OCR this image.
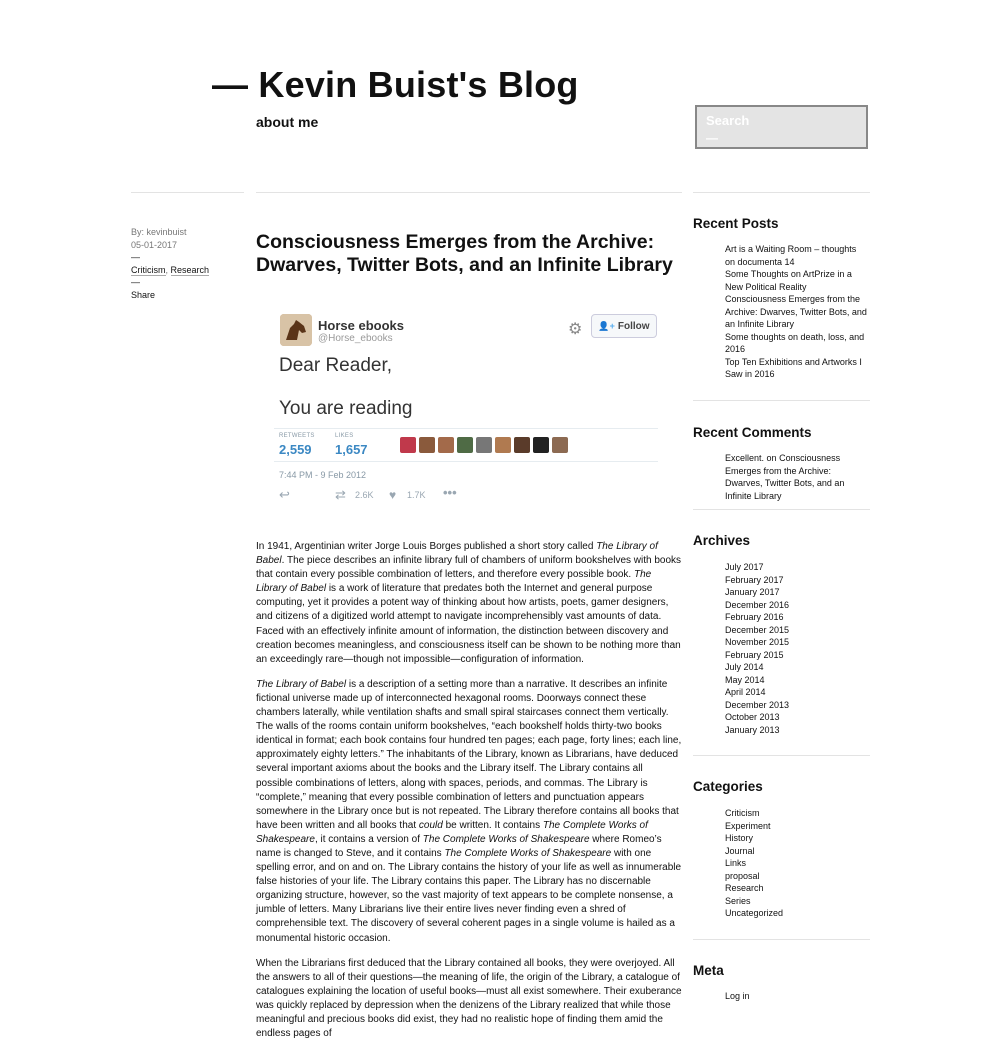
— Kevin Buist's Blog
about me
Search
—
By: kevinbuist
05-01-2017
—
Criticism, Research
—
Share
Consciousness Emerges from the Archive: Dwarves, Twitter Bots, and an Infinite Library
Horse ebooks
@Horse_ebooks
⚙	👤+ Follow
Dear Reader,
You are reading
RETWEETS
2,559
LIKES
1,657
7:44 PM - 9 Feb 2012
↩	⇄ 2.6K ♥ 1.7K •••

In 1941, Argentinian writer Jorge Louis Borges published a short story called The Library of Babel. The piece describes an infinite library full of chambers of uniform bookshelves with books that contain every possible combination of letters, and therefore every possible book. The Library of Babel is a work of literature that predates both the Internet and general purpose computing, yet it provides a potent way of thinking about how artists, poets, gamer designers, and citizens of a digitized world attempt to navigate incomprehensibly vast amounts of data. Faced with an effectively infinite amount of information, the distinction between discovery and creation becomes meaningless, and consciousness itself can be shown to be nothing more than an exceedingly rare—though not impossible—configuration of information.

The Library of Babel is a description of a setting more than a narrative. It describes an infinite fictional universe made up of interconnected hexagonal rooms. Doorways connect these chambers laterally, while ventilation shafts and small spiral staircases connect them vertically. The walls of the rooms contain uniform bookshelves, “each bookshelf holds thirty-two books identical in format; each book contains four hundred ten pages; each page, forty lines; each line, approximately eighty letters.” The inhabitants of the Library, known as Librarians, have deduced several important axioms about the books and the Library itself. The Library contains all possible combinations of letters, along with spaces, periods, and commas. The Library is “complete,” meaning that every possible combination of letters and punctuation appears somewhere in the Library once but is not repeated. The Library therefore contains all books that have been written and all books that could be written. It contains The Complete Works of Shakespeare, it contains a version of The Complete Works of Shakespeare where Romeo’s name is changed to Steve, and it contains The Complete Works of Shakespeare with one spelling error, and on and on. The Library contains the history of your life as well as innumerable false histories of your life. The Library contains this paper. The Library has no discernable organizing structure, however, so the vast majority of text appears to be complete nonsense, a jumble of letters. Many Librarians live their entire lives never finding even a shred of comprehensible text. The discovery of several coherent pages in a single volume is hailed as a monumental historic occasion.

When the Librarians first deduced that the Library contained all books, they were overjoyed. All the answers to all of their questions—the meaning of life, the origin of the Library, a catalogue of catalogues explaining the location of useful books—must all exist somewhere. Their exuberance was quickly replaced by depression when the denizens of the Library realized that while those meaningful and precious books did exist, they had no realistic hope of finding them amid the endless pages of

Recent Posts
Art is a Waiting Room – thoughts on documenta 14
Some Thoughts on ArtPrize in a New Political Reality
Consciousness Emerges from the Archive: Dwarves, Twitter Bots, and an Infinite Library
Some thoughts on death, loss, and 2016
Top Ten Exhibitions and Artworks I Saw in 2016
Recent Comments
Excellent. on Consciousness Emerges from the Archive: Dwarves, Twitter Bots, and an Infinite Library
Archives
July 2017
February 2017
January 2017
December 2016
February 2016
December 2015
November 2015
February 2015
July 2014
May 2014
April 2014
December 2013
October 2013
January 2013
Categories
Criticism
Experiment
History
Journal
Links
proposal
Research
Series
Uncategorized
Meta
Log in
